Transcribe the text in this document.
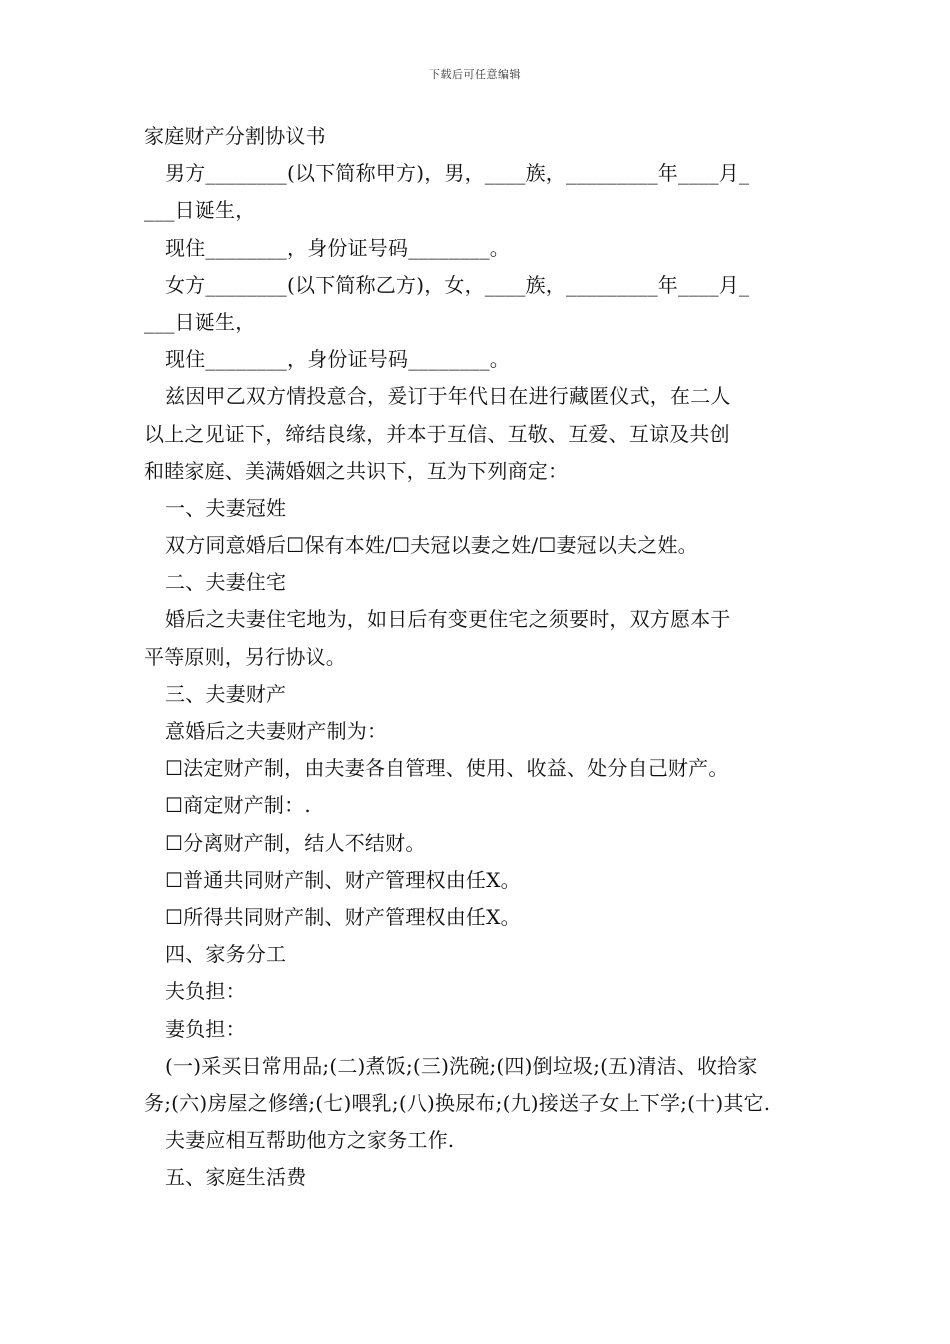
下载后可任意编辑
家庭财产分割协议书
男方________(以下简称甲方)，男，____族，_________年____月_
___日诞生，
现住________，身份证号码________。
女方________(以下简称乙方)，女，____族，_________年____月_
___日诞生，
现住________，身份证号码________。
兹因甲乙双方情投意合，爰订于年代日在进行藏匿仪式，在二人
以上之见证下，缔结良缘，并本于互信、互敬、互爱、互谅及共创
和睦家庭、美满婚姻之共识下，互为下列商定：
一、夫妻冠姓
双方同意婚后☐保有本姓/☐夫冠以妻之姓/☐妻冠以夫之姓。
二、夫妻住宅
婚后之夫妻住宅地为，如日后有变更住宅之须要时，双方愿本于
平等原则，另行协议。
三、夫妻财产
意婚后之夫妻财产制为：
☐法定财产制，由夫妻各自管理、使用、收益、处分自己财产。
☐商定财产制：.
☐分离财产制，结人不结财。
☐普通共同财产制、财产管理权由任X。
☐所得共同财产制、财产管理权由任X。
四、家务分工
夫负担：
妻负担：
(一)采买日常用品;(二)煮饭;(三)洗碗;(四)倒垃圾;(五)清洁、收拾家
务;(六)房屋之修缮;(七)喂乳;(八)换尿布;(九)接送子女上下学;(十)其它.
夫妻应相互帮助他方之家务工作.
五、家庭生活费
